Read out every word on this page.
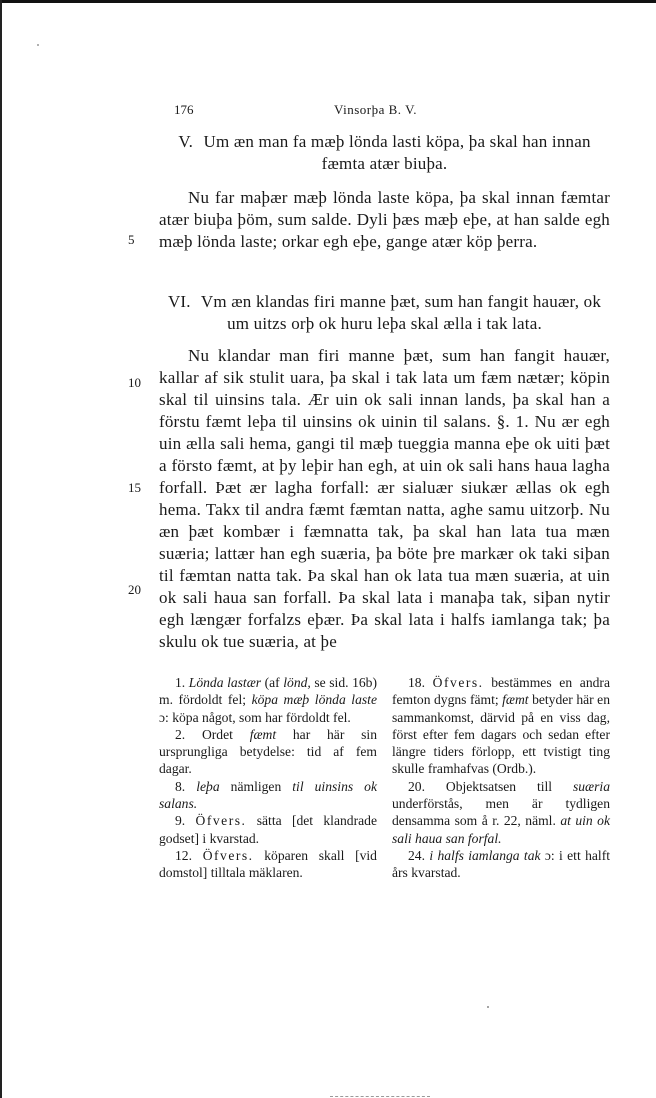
176	Vinsorþa B. V.

V. Um æn man fa mæþ lönda lasti köpa, þa skal han innan fæmta atær biuþa.

Nu far maþær mæþ lönda laste köpa, þa skal innan fæmtar atær biuþa þöm, sum salde. Dyli þæs mæþ eþe, at han salde egh mæþ lönda laste; orkar egh eþe, gange atær köp þerra.

VI. Vm æn klandas firi manne þæt, sum han fangit hauær, ok um uitzs orþ ok huru leþa skal ælla i tak lata.

Nu klandar man firi manne þæt, sum han fangit hauær, kallar af sik stulit uara, þa skal i tak lata um fæm nætær; köpin skal til uinsins tala. Ær uin ok sali innan lands, þa skal han a förstu fæmt leþa til uinsins ok uinin til salans. §. 1. Nu ær egh uin ælla sali hema, gangi til mæþ tueggia manna eþe ok uiti þæt a försto fæmt, at þy leþir han egh, at uin ok sali hans haua lagha forfall. Þæt ær lagha forfall: ær sialuær siukær ællas ok egh hema. Takx til andra fæmt fæmtan natta, aghe samu uitzorþ. Nu æn þæt kombær i fæmnatta tak, þa skal han lata tua mæn suæria; lattær han egh suæria, þa böte þre markær ok taki siþan til fæmtan natta tak. Þa skal han ok lata tua mæn suæria, at uin ok sali haua san forfall. Þa skal lata i manaþa tak, siþan nytir egh længær forfalzs eþær. Þa skal lata i halfs iamlanga tak; þa skulu ok tue suæria, at þe

5
10
15
20

1. Lönda lastær (af lönd, se sid. 16b) m. fördoldt fel; köpa mæþ lönda laste ɔ: köpa något, som har fördoldt fel.

2. Ordet fæmt har här sin ursprungliga betydelse: tid af fem dagar.

8. leþa nämligen til uinsins ok salans.

9. Öfvers. sätta [det klandrade godset] i kvarstad.

12. Öfvers. köparen skall [vid domstol] tilltala mäklaren.

18. Öfvers. bestämmes en andra femton dygns fämt; fæmt betyder här en sammankomst, därvid på en viss dag, först efter fem dagars och sedan efter längre tiders förlopp, ett tvistigt ting skulle framhafvas (Ordb.).

20. Objektsatsen till suæria underförstås, men är tydligen densamma som å r. 22, näml. at uin ok sali haua san forfal.

24. i halfs iamlanga tak ɔ: i ett halft års kvarstad.
